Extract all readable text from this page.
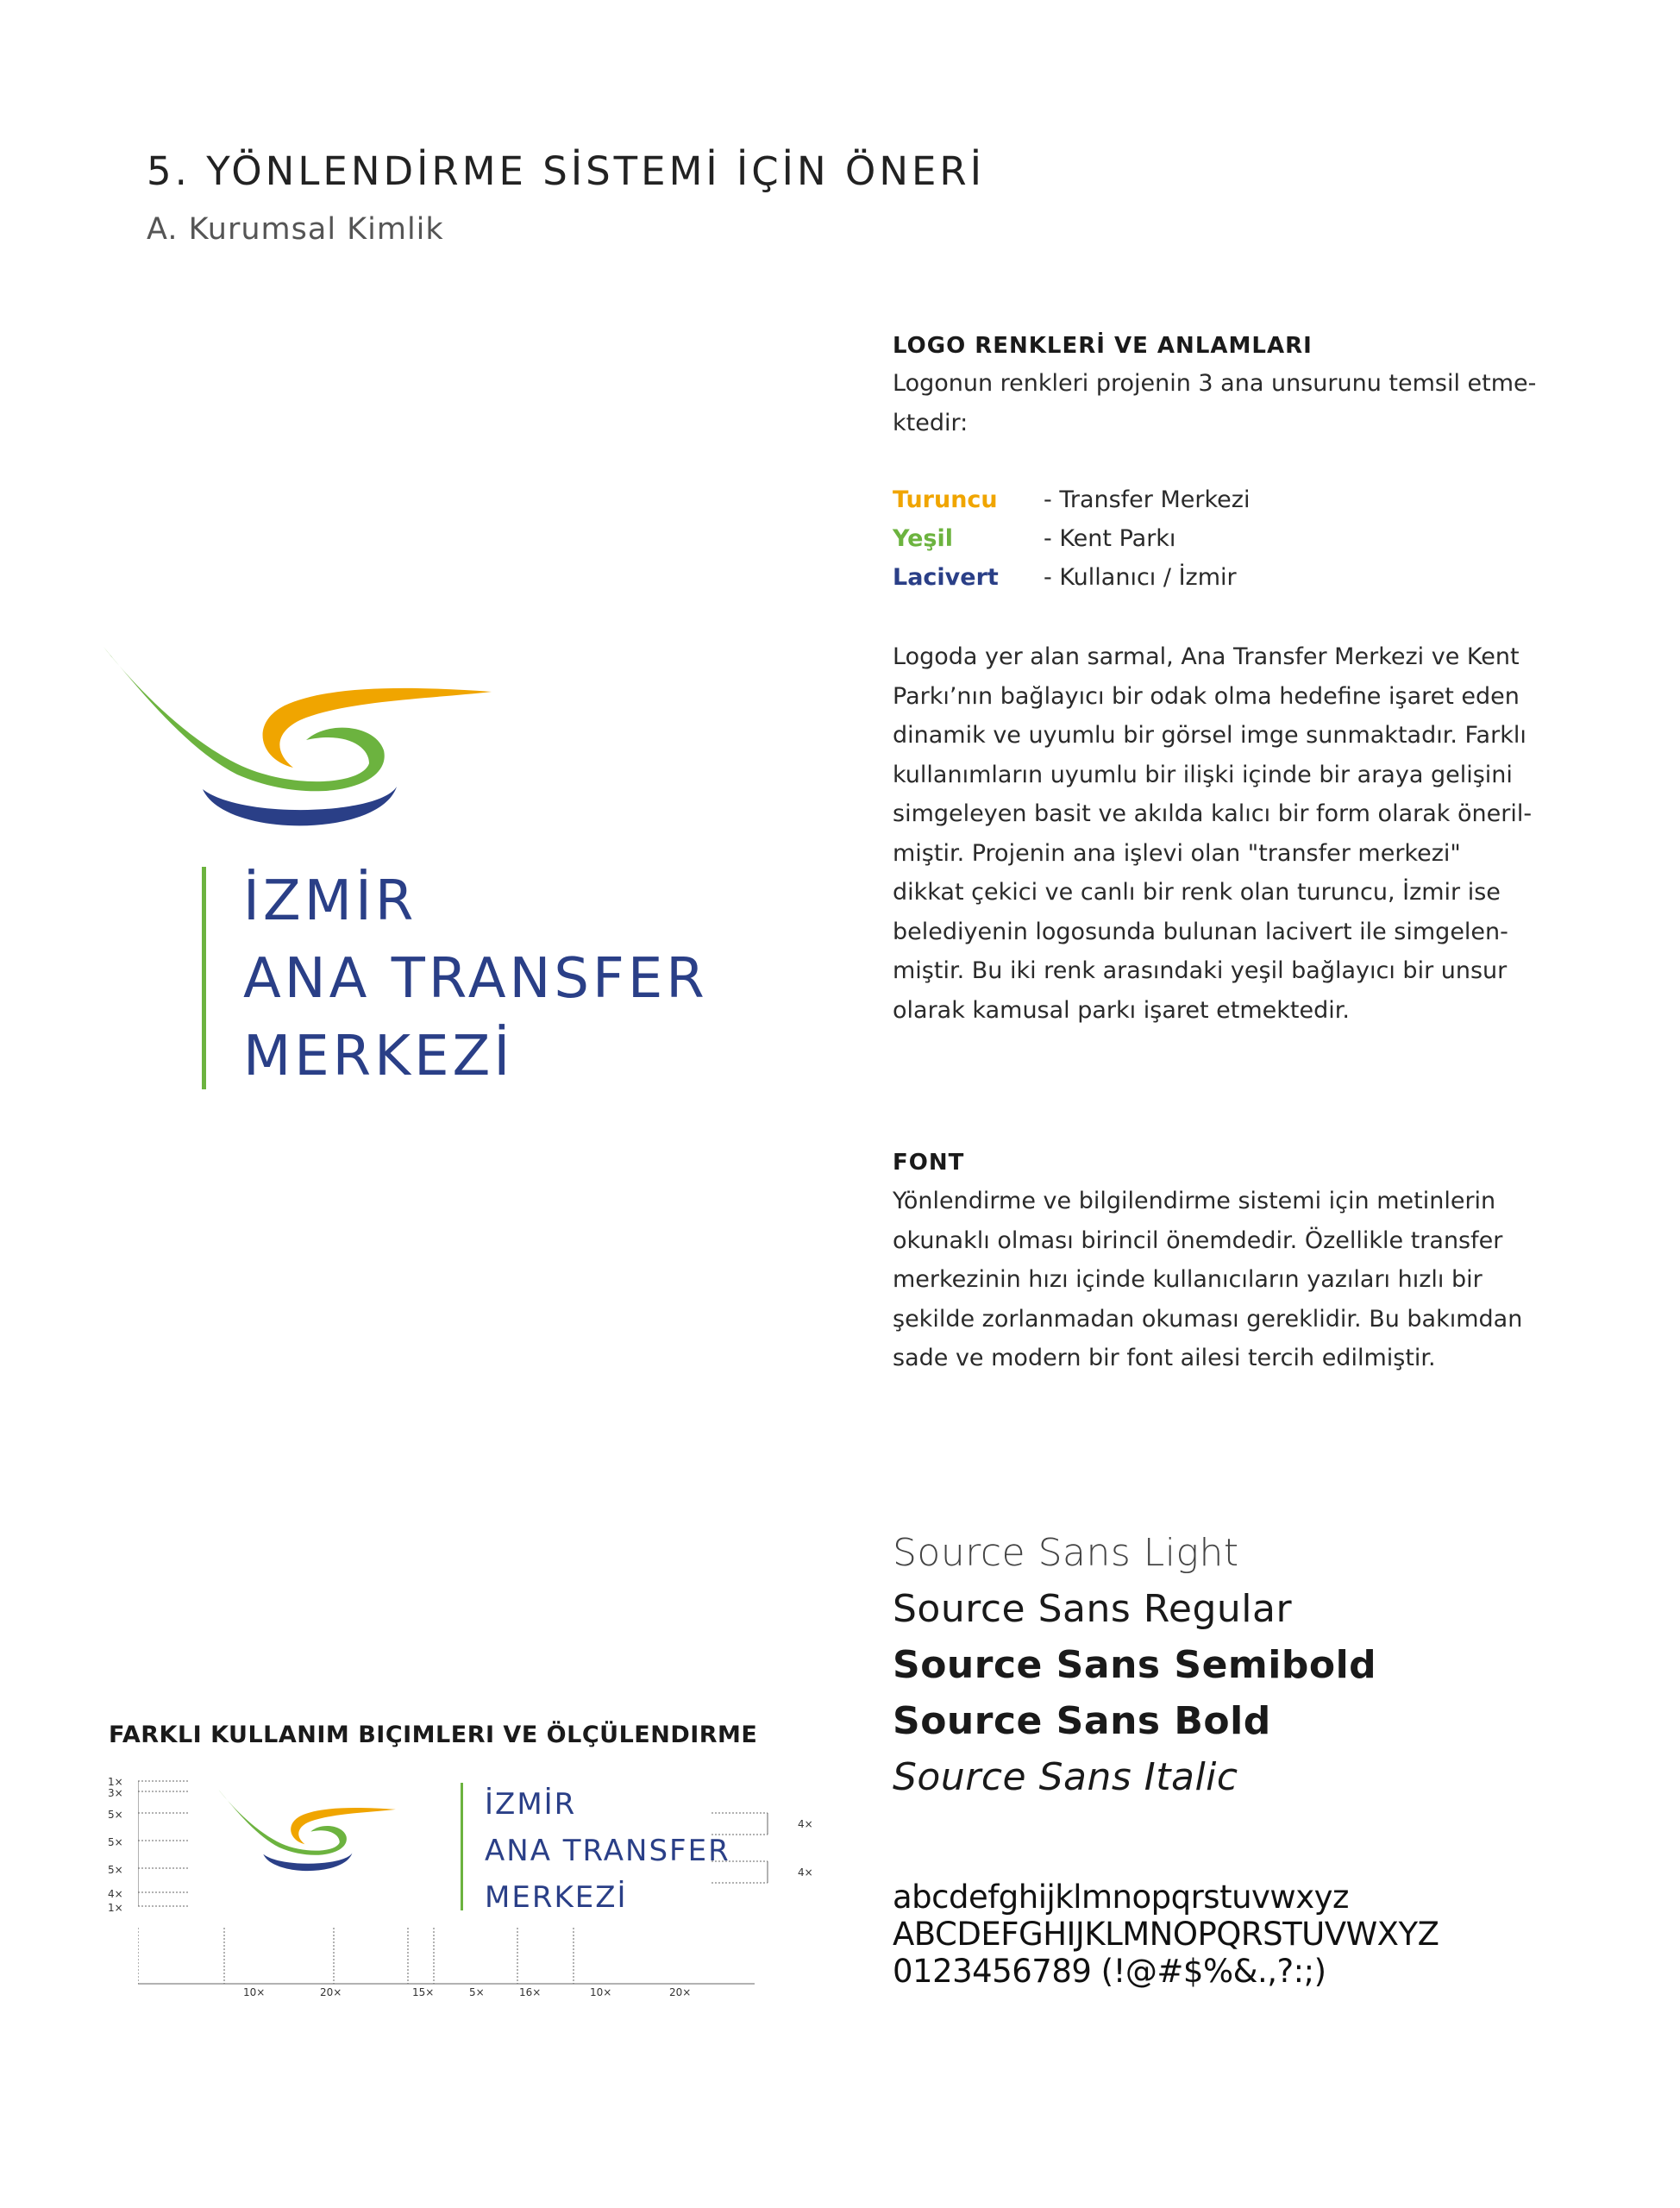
5. YÖNLENDİRME SİSTEMİ İÇİN ÖNERİ
A. Kurumsal Kimlik
LOGO RENKLERİ VE ANLAMLARI
Logonun renkleri projenin 3 ana unsurunu temsil etme-
ktedir:
Turuncu - Transfer Merkezi
Yeşil	- Kent Parkı
Lacivert - Kullanıcı / İzmir
Logoda yer alan sarmal, Ana Transfer Merkezi ve Kent
Parkı’nın bağlayıcı bir odak olma hedefine işaret eden
dinamik ve uyumlu bir görsel imge sunmaktadır. Farklı
kullanımların uyumlu bir ilişki içinde bir araya gelişini
simgeleyen basit ve akılda kalıcı bir form olarak öneril-
miştir. Projenin ana işlevi olan "transfer merkezi"
dikkat çekici ve canlı bir renk olan turuncu, İzmir ise
belediyenin logosunda bulunan lacivert ile simgelen-
miştir. Bu iki renk arasındaki yeşil bağlayıcı bir unsur
olarak kamusal parkı işaret etmektedir.
İZMİR
ANA TRANSFER
MERKEZİ
FONT
Yönlendirme ve bilgilendirme sistemi için metinlerin
okunaklı olması birincil önemdedir. Özellikle transfer
merkezinin hızı içinde kullanıcıların yazıları hızlı bir
şekilde zorlanmadan okuması gereklidir. Bu bakımdan
sade ve modern bir font ailesi tercih edilmiştir.
Source Sans Light
Source Sans Regular
Source Sans Semibold
Source Sans Bold
Source Sans Italic
abcdefghijklmnopqrstuvwxyz
ABCDEFGHIJKLMNOPQRSTUVWXYZ
0123456789 (!@#$%&.,?:;)
FARKLI KULLANIM BIÇIMLERI VE ÖLÇÜLENDIRME
1×
3×
5×
5×
5×
4×
1×
İZMİR
ANA TRANSFER
MERKEZİ
4×
4×
10×	20×	15×	5×	16×	10×	20×
